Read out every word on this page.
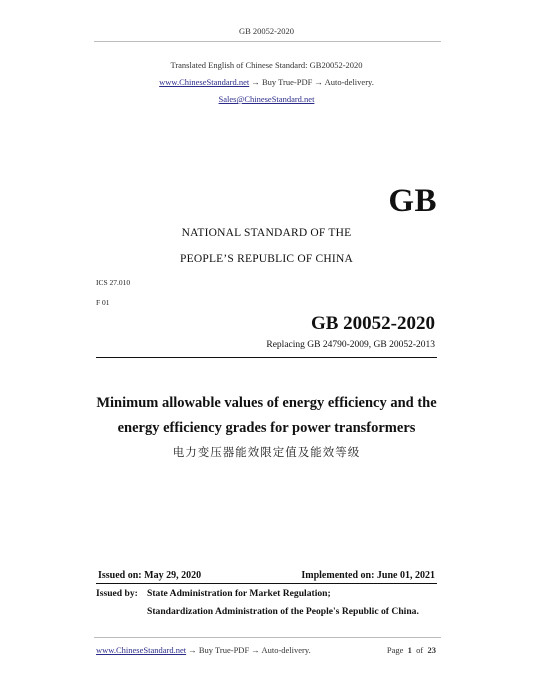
GB 20052-2020
Translated English of Chinese Standard: GB20052-2020
www.ChineseStandard.net → Buy True-PDF → Auto-delivery.
Sales@ChineseStandard.net
GB
NATIONAL STANDARD OF THE
PEOPLE’S REPUBLIC OF CHINA
ICS 27.010
F 01
GB 20052-2020
Replacing GB 24790-2009, GB 20052-2013
Minimum allowable values of energy efficiency and the
energy efficiency grades for power transformers
电力变压器能效限定值及能效等级
Issued on: May 29, 2020	Implemented on: June 01, 2021
Issued by: State Administration for Market Regulation;
Standardization Administration of the People's Republic of China.
www.ChineseStandard.net → Buy True-PDF → Auto-delivery.	Page 1 of 23
